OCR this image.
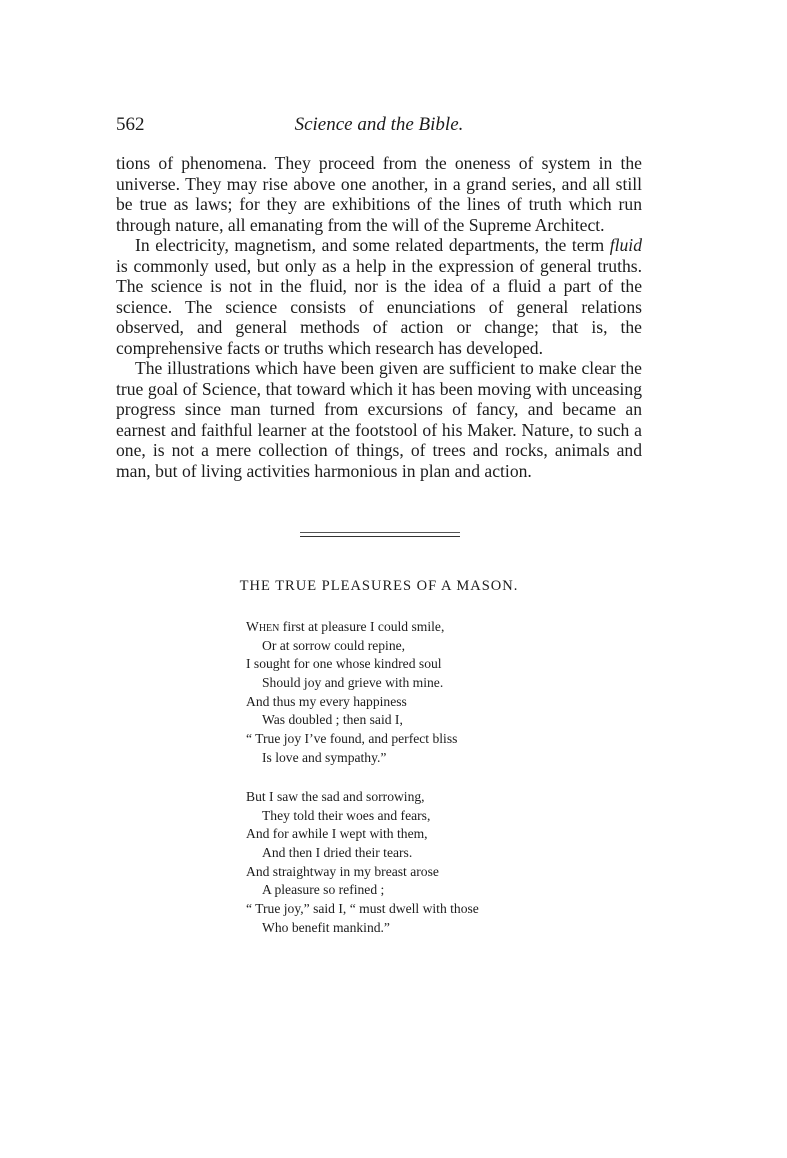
562	Science and the Bible.

tions of phenomena. They proceed from the oneness of system in the universe. They may rise above one another, in a grand series, and all still be true as laws; for they are exhibitions of the lines of truth which run through nature, all emanating from the will of the Supreme Architect.

In electricity, magnetism, and some related departments, the term fluid is commonly used, but only as a help in the expression of general truths. The science is not in the fluid, nor is the idea of a fluid a part of the science. The science consists of enunciations of general relations observed, and general methods of action or change; that is, the comprehensive facts or truths which research has developed.

The illustrations which have been given are sufficient to make clear the true goal of Science, that toward which it has been moving with unceasing progress since man turned from excursions of fancy, and became an earnest and faithful learner at the footstool of his Maker. Nature, to such a one, is not a mere collection of things, of trees and rocks, animals and man, but of living activities harmonious in plan and action.

THE TRUE PLEASURES OF A MASON.
When first at pleasure I could smile,
Or at sorrow could repine,
I sought for one whose kindred soul
Should joy and grieve with mine.
And thus my every happiness
Was doubled ; then said I,
“ True joy I’ve found, and perfect bliss
Is love and sympathy.”
But I saw the sad and sorrowing,
They told their woes and fears,
And for awhile I wept with them,
And then I dried their tears.
And straightway in my breast arose
A pleasure so refined ;
“ True joy,” said I, “ must dwell with those
Who benefit mankind.”
